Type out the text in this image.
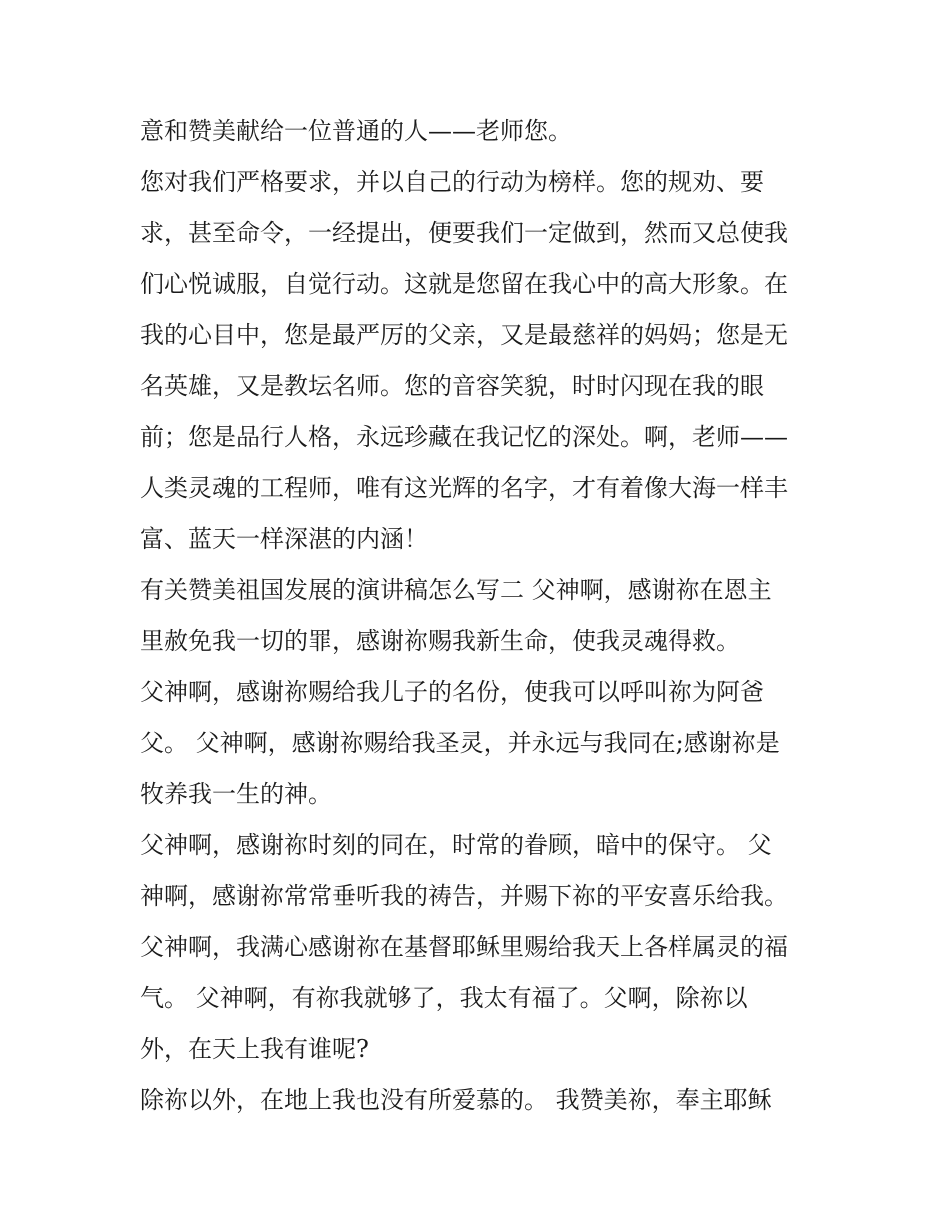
意和赞美献给一位普通的人——老师您。
您对我们严格要求，并以自己的行动为榜样。您的规劝、要
求，甚至命令，一经提出，便要我们一定做到，然而又总使我
们心悦诚服，自觉行动。这就是您留在我心中的高大形象。在
我的心目中，您是最严厉的父亲，又是最慈祥的妈妈；您是无
名英雄，又是教坛名师。您的音容笑貌，时时闪现在我的眼
前；您是品行人格，永远珍藏在我记忆的深处。啊，老师——
人类灵魂的工程师，唯有这光辉的名字，才有着像大海一样丰
富、蓝天一样深湛的内涵！
有关赞美祖国发展的演讲稿怎么写二 父神啊，感谢祢在恩主
里赦免我一切的罪，感谢祢赐我新生命，使我灵魂得救。
父神啊，感谢祢赐给我儿子的名份，使我可以呼叫祢为阿爸
父。 父神啊，感谢祢赐给我圣灵，并永远与我同在;感谢祢是
牧养我一生的神。
父神啊，感谢祢时刻的同在，时常的眷顾，暗中的保守。 父
神啊，感谢祢常常垂听我的祷告，并赐下祢的平安喜乐给我。
父神啊，我满心感谢祢在基督耶稣里赐给我天上各样属灵的福
气。 父神啊，有祢我就够了，我太有福了。父啊，除祢以
外，在天上我有谁呢?
除祢以外，在地上我也没有所爱慕的。 我赞美祢，奉主耶稣
